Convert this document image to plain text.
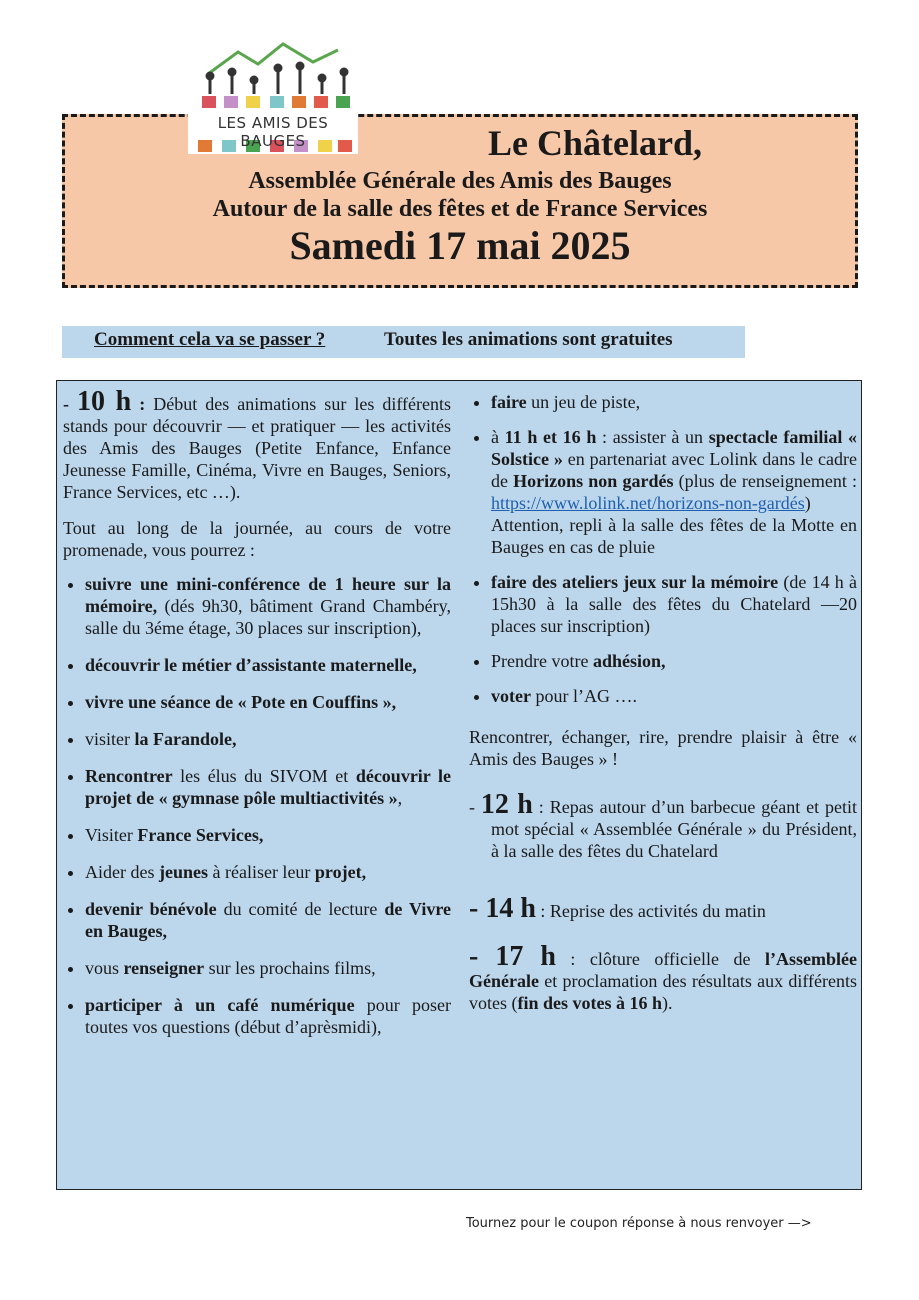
LES AMIS DES BAUGES	Le Châtelard,
Assemblée Générale des Amis des Bauges
Autour de la salle des fêtes et de France Services
Samedi 17 mai 2025
Comment cela va se passer ?	Toutes les animations sont gratuites

- 10 h : Début des animations sur les différents stands pour découvrir — et pratiquer — les activités des Amis des Bauges (Petite Enfance, Enfance Jeunesse Famille, Cinéma, Vivre en Bauges, Seniors, France Services, etc …).

Tout au long de la journée, au cours de votre promenade, vous pourrez :

• suivre une mini-conférence de 1 heure sur la mémoire, (dés 9h30, bâtiment Grand Chambéry, salle du 3éme étage, 30 places sur inscription),
• découvrir le métier d’assistante maternelle,
• vivre une séance de « Pote en Couffins »,
• visiter la Farandole,
• Rencontrer les élus du SIVOM et découvrir le projet de « gymnase pôle multiactivités »,
• Visiter France Services,
• Aider des jeunes à réaliser leur projet,
• devenir bénévole du comité de lecture de Vivre en Bauges,
• vous renseigner sur les prochains films,
• participer à un café numérique pour poser toutes vos questions (début d’aprèsmidi),
• faire un jeu de piste,
• à 11 h et 16 h : assister à un spectacle familial « Solstice » en partenariat avec Lolink dans le cadre de Horizons non gardés (plus de renseignement : https://www.lolink.net/horizons-non-gardés) Attention, repli à la salle des fêtes de la Motte en Bauges en cas de pluie
• faire des ateliers jeux sur la mémoire (de 14 h à 15h30 à la salle des fêtes du Chatelard —20 places sur inscription)
• Prendre votre adhésion,
• voter pour l’AG ….

Rencontrer, échanger, rire, prendre plaisir à être « Amis des Bauges » !

- 12 h : Repas autour d’un barbecue géant et petit mot spécial « Assemblée Générale » du Président, à la salle des fêtes du Chatelard

- 14 h : Reprise des activités du matin

- 17 h : clôture officielle de l’Assemblée Générale et proclamation des résultats aux différents votes (fin des votes à 16 h).

Tournez pour le coupon réponse à nous renvoyer —>
